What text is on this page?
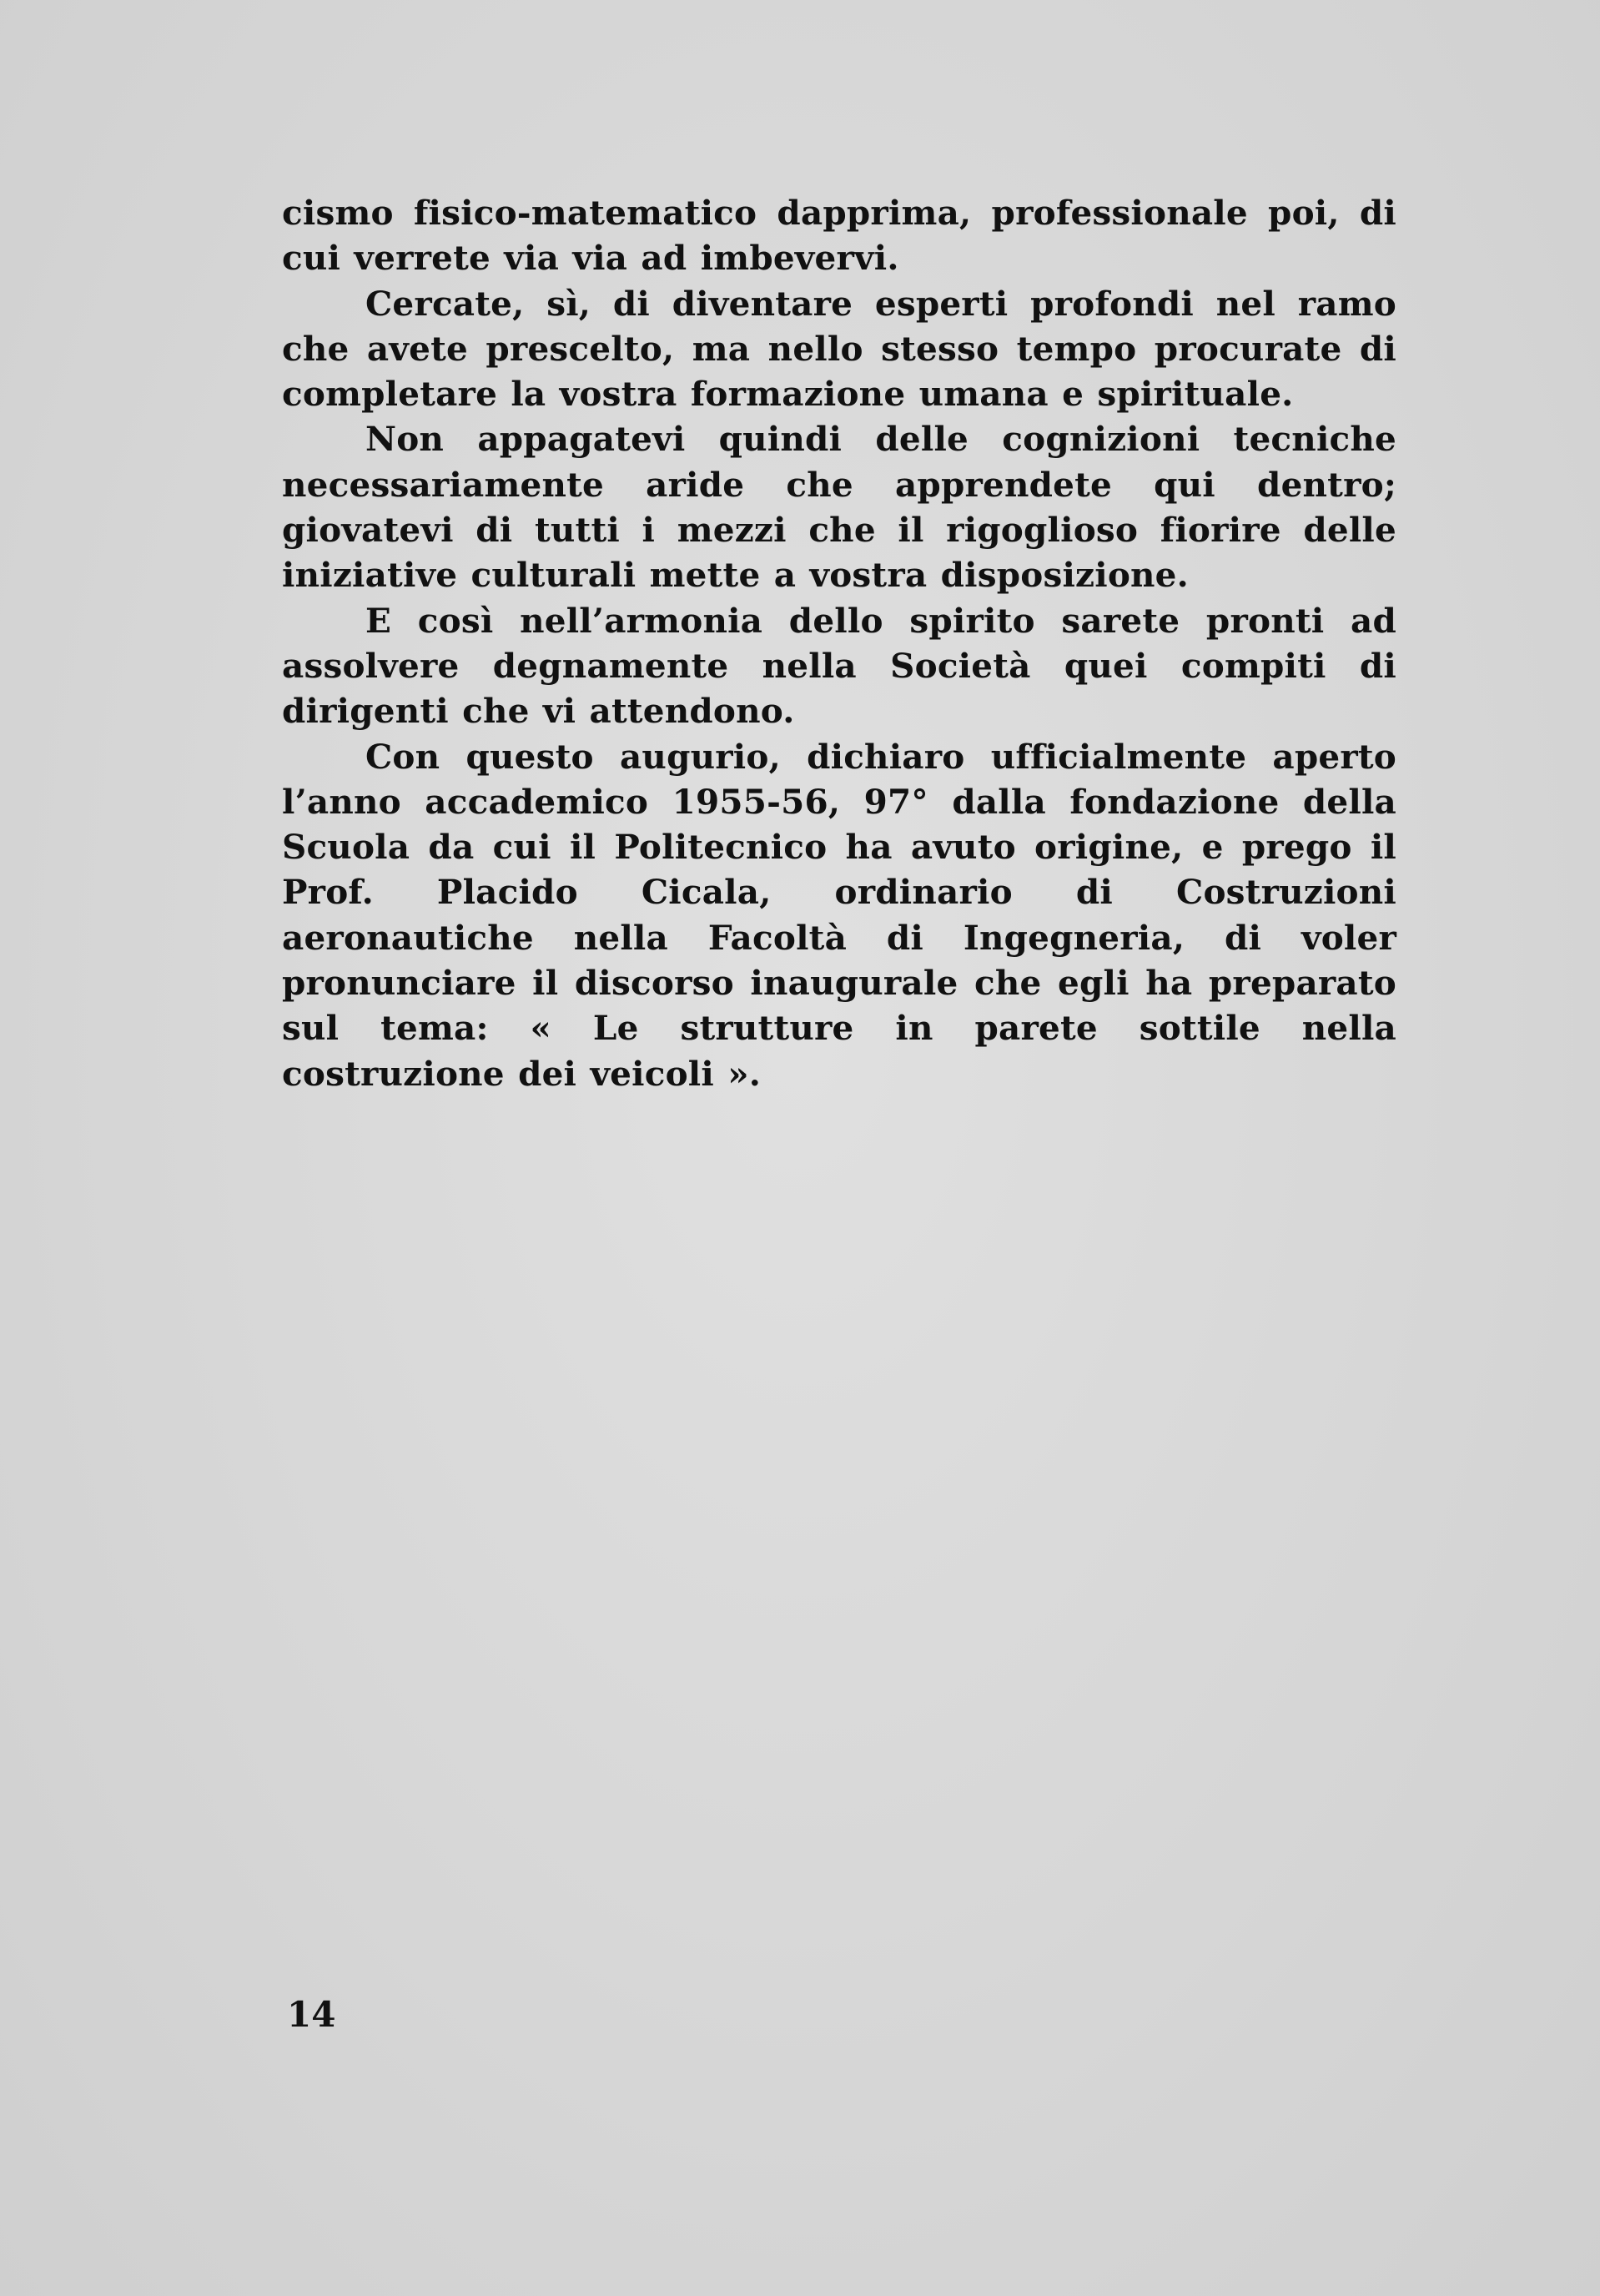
cismo fisico-matematico dapprima, professionale poi, di cui verrete via via ad imbevervi.

Cercate, sì, di diventare esperti profondi nel ramo che avete prescelto, ma nello stesso tempo procurate di completare la vostra formazione umana e spirituale.

Non appagatevi quindi delle cognizioni tecniche necessariamente aride che apprendete qui dentro; giovatevi di tutti i mezzi che il rigoglioso fiorire delle iniziative culturali mette a vostra disposizione.

E così nell’armonia dello spirito sarete pronti ad assolvere degnamente nella Società quei compiti di dirigenti che vi attendono.

Con questo augurio, dichiaro ufficialmente aperto l’anno accademico 1955-56, 97° dalla fondazione della Scuola da cui il Politecnico ha avuto origine, e prego il Prof. Placido Cicala, ordinario di Costruzioni aeronautiche nella Facoltà di Ingegneria, di voler pronunciare il discorso inaugurale che egli ha preparato sul tema: « Le strutture in parete sottile nella costruzione dei veicoli ».

14
